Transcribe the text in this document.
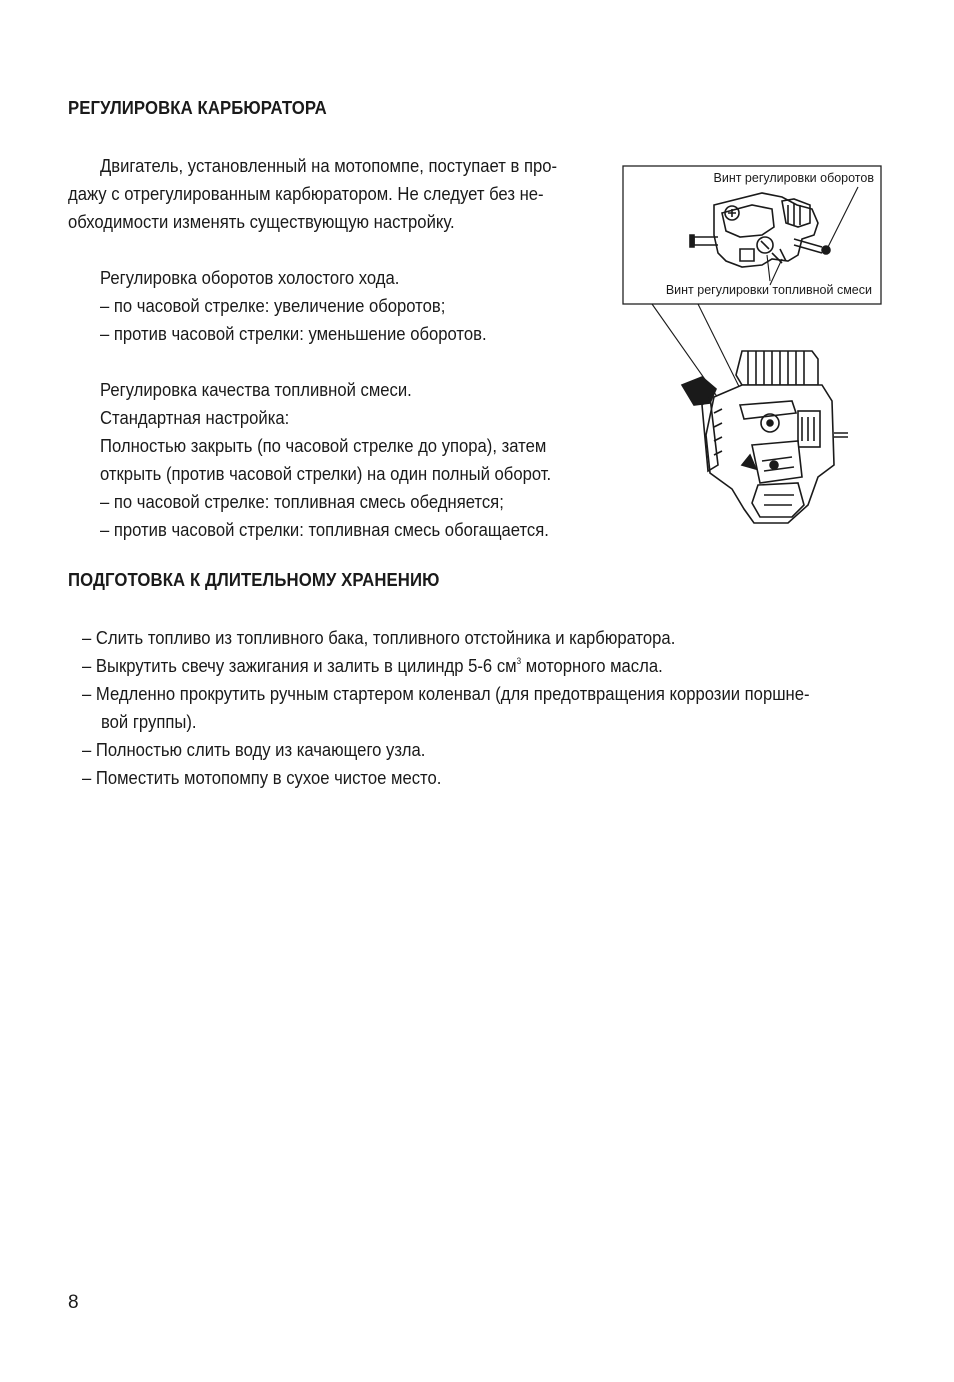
РЕГУЛИРОВКА КАРБЮРАТОРА
Двигатель, установленный на мотопомпе, поступает в про-
дажу с отрегулированным карбюратором. Не следует без не-
обходимости изменять существующую настройку.
Регулировка оборотов холостого хода.
– по часовой стрелке: увеличение оборотов;
– против часовой стрелки: уменьшение оборотов.
Регулировка качества топливной смеси.
Стандартная настройка:
Полностью закрыть (по часовой стрелке до упора), затем
открыть (против часовой стрелки) на один полный оборот.
– по часовой стрелке: топливная смесь обедняется;
– против часовой стрелки: топливная смесь обогащается.
Винт регулировки оборотов
Винт регулировки топливной смеси
ПОДГОТОВКА К ДЛИТЕЛЬНОМУ ХРАНЕНИЮ
– Слить топливо из топливного бака, топливного отстойника и карбюратора.
– Выкрутить свечу зажигания и залить в цилиндр 5-6 $см^3$ моторного масла.
– Медленно прокрутить ручным стартером коленвал (для предотвращения коррозии поршне-
вой группы).
– Полностью слить воду из качающего узла.
– Поместить мотопомпу в сухое чистое место.
8
